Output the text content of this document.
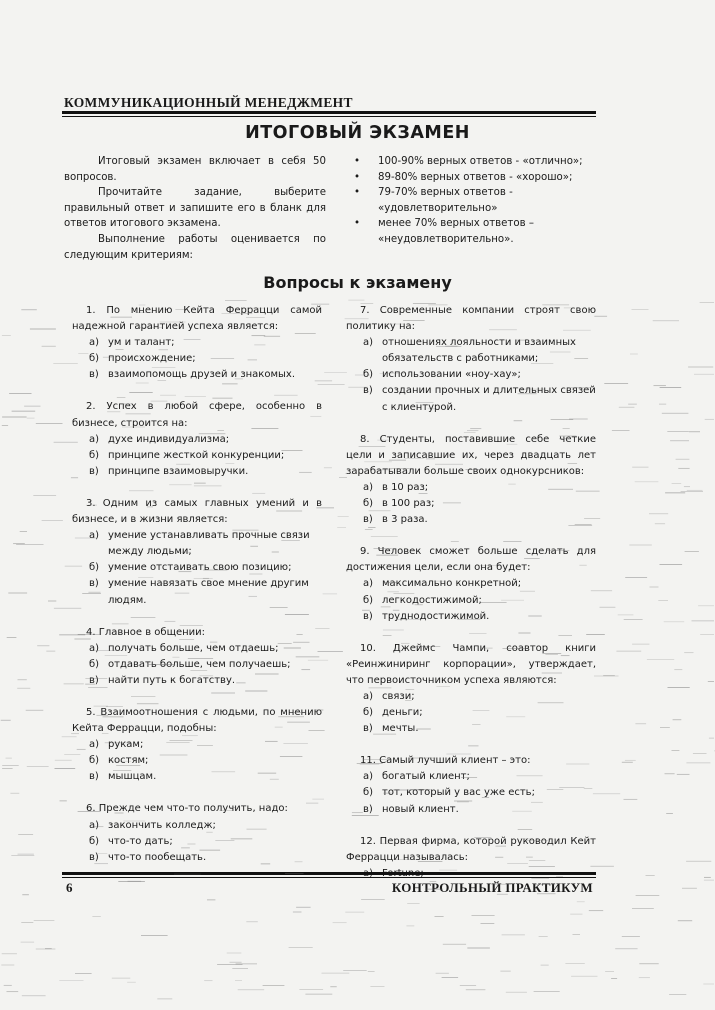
КОММУНИКАЦИОННЫЙ МЕНЕДЖМЕНТ
ИТОГОВЫЙ ЭКЗАМЕН

Итоговый экзамен включает в себя 50 вопросов.

Прочитайте задание, выберите правильный ответ и запишите его в бланк для ответов итогового экзамена.

Выполнение работы оценивается по следующим критериям:

• 100-90% верных ответов - «отлично»;
• 89-80% верных ответов - «хорошо»;
• 79-70% верных ответов - «удовлетворительно»
• менее 70% верных ответов – «неудовлетворительно».
Вопросы к экзамену
1. По мнению Кейта Феррацци самой надежной гарантией успеха является:
а) ум и талант;
б) происхождение;
в) взаимопомощь друзей и знакомых.
2. Успех в любой сфере, особенно в бизнесе, строится на:
а) духе индивидуализма;
б) принципе жесткой конкуренции;
в) принципе взаимовыручки.
3. Одним из самых главных умений и в бизнесе, и в жизни является:
а) умение устанавливать прочные связи между людьми;
б) умение отстаивать свою позицию;
в) умение навязать свое мнение другим людям.
4. Главное в общении:
а) получать больше, чем отдаешь;
б) отдавать больше, чем получаешь;
в) найти путь к богатству.
5. Взаимоотношения с людьми, по мнению Кейта Феррацци, подобны:
а) рукам;
б) костям;
в) мышцам.
6. Прежде чем что-то получить, надо:
а) закончить колледж;
б) что-то дать;
в) что-то пообещать.
7. Современные компании строят свою политику на:
а) отношениях лояльности и взаимных обязательств с работниками;
б) использовании «ноу-хау»;
в) создании прочных и длительных связей с клиентурой.
8. Студенты, поставившие себе четкие цели и записавшие их, через двадцать лет зарабатывали больше своих однокурсников:
а) в 10 раз;
б) в 100 раз;
в) в 3 раза.
9. Человек сможет больше сделать для достижения цели, если она будет:
а) максимально конкретной;
б) легкодостижимой;
в) труднодостижимой.
10. Джеймс Чампи, соавтор книги «Реинжиниринг корпорации», утверждает, что первоисточником успеха являются:
а) связи;
б) деньги;
в) мечты.
11. Самый лучший клиент – это:
а) богатый клиент;
б) тот, который у вас уже есть;
в) новый клиент.
12. Первая фирма, которой руководил Кейт Феррацци называлась:
6	КОНТРОЛЬНЫЙ ПРАКТИКУМ
